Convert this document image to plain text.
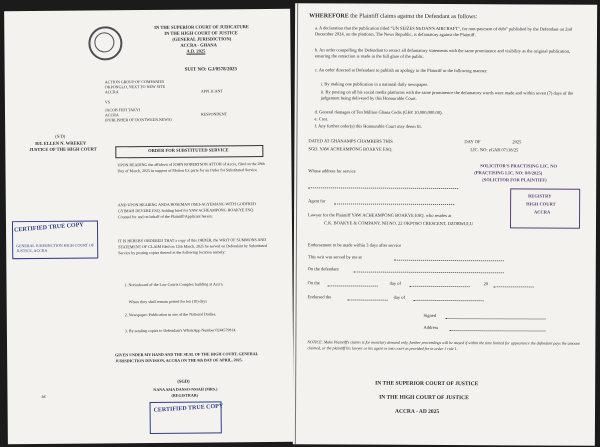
IN THE SUPERIOR COURT OF JUDICATURE
IN THE HIGH COURT OF JUSTICE
(GENERAL JURISDICTION)
ACCRA - GHANA
A.D. 2025
SUIT NO: GJ/0578/2025
ACTION GROUP OF COMPANIES
OKPONGLO, NEXT TO NEW SITE
ACCRA	APPLICANT
VS
JACOB FIIFI TAKYI
ACCRA
(PUBLISHER OF DONTWEEN.NEWS)
RESPONDENT
(S/D)
H/L ELLEN N. WREKEY
JUSTICE OF THE HIGH COURT	ORDER FOR SUBSTITUTED SERVICE
UPON READING the affidavit of JOHN ROBERTSON ATTOH of Accra, filed on the 28th Day of March, 2025 in support of Motion Ex parte for an Order for Substituted Service
AND UPON HEARING ANDA BOSEMAN OSEI-AGYEMANG WITH GODFRED GYIMAH DEVERE ESQ. holding brief for YAW ACHEAMPONG BOAKYE ESQ. Counsel for and on behalf of the Plaintiff/Applicant herein:
IT IS HEREBY ORDERED THAT a copy of this ORDER, the WRIT OF SUMMONS AND STATEMENT OF CLAIM filed on 12th March, 2025 be served on Defendant by Substituted Service by posting copies thereof at the following location namely:
1. Noticeboard of the Law Courts Complex building at Accra.
Where they shall remain posted for ten (10) days
2. Newspaper: Publication in one of the National Dailies.
3. By sending copies to Defendant's WhatsApp Number 0244579814.
GIVEN UNDER MY HAND AND THE SEAL OF THE HIGH COURT, GENERAL JURISDICTION DIVISION, ACCRA ON THE 8th DAY OF APRIL, 2025.
(SGD)
NANA AMA DANSO-NSIAH (MRS.)
(REGISTRAR)
CERTIFIED TRUE COPY
GENERAL JURISDICTION HIGH COURT OF JUSTICE, ACCRA
CERTIFIED TRUE COPY
ac
WHEREFORE the Plaintiff claims against the Defendant as follows:
a. A declaration that the publication titled "UN SEIZES McDAN'S AIRCRAFT", for non-payment of debt" published by the Defendant on 2nd December 2024, on the platform, The News Republic, is defamatory against the Plaintiff.
b. An order compelling the Defendant to retract all defamatory statements with the same prominence and visibility as the original publication, ensuring the retraction is made in the full glare of the public.
c. An order directed at Defendant to publish an apology to the Plaintiff in the following manner:
i. By making one publication in a national daily newspaper.
ii. By posting on all his social media platforms with the same prominence the defamatory words were made and within seven (7) days of the judgement being delivered by this Honourable Court.
d. General damages of Ten Million Ghana Cedis (GH¢ 10,000,000.00).
e. Cost.
f. Any further order(s) this Honourable Court may deem fit.
DATED AT GHANAMPS CHAMBERS THIS	DAY OF	2025
SGD. YAW ACHEAMPONG BOAKYE ESQ.	LIC. NO: eGAR 07118/25
SOLICITOR'S PRACTISING LIC. NO
(PRACTISING LIC. NO: 8/0/2025)
(SOLICITOR FOR PLAINTIFF)
Whose address for service
Agent for
Lawyer for the Plaintiff YAW ACHEAMPONG BOAKYE ESQ. who resides at
C.K. BOAKYE & COMPANY, NII NO. 22 OKPOSO CRESCENT, DZORWULU
REGISTRY
HIGH COURT
ACCRA
Endorsement to be made within 3 days after service
This writ was served by me at
On the defendant
On the	day of	20
Endorsed the	day of
Signed
Address
NOTICE: Make Plaintiff's claims is for monetary demand only, further proceedings will be stayed if within the time limited for appearance the defendant pays the amount claimed, or the plaintiff his lawyer or his agent or into court as provided for in order 1 rule 1.
IN THE SUPERIOR COURT OF JUSTICE
IN THE HIGH COURT OF JUSTICE
ACCRA - AD 2025
